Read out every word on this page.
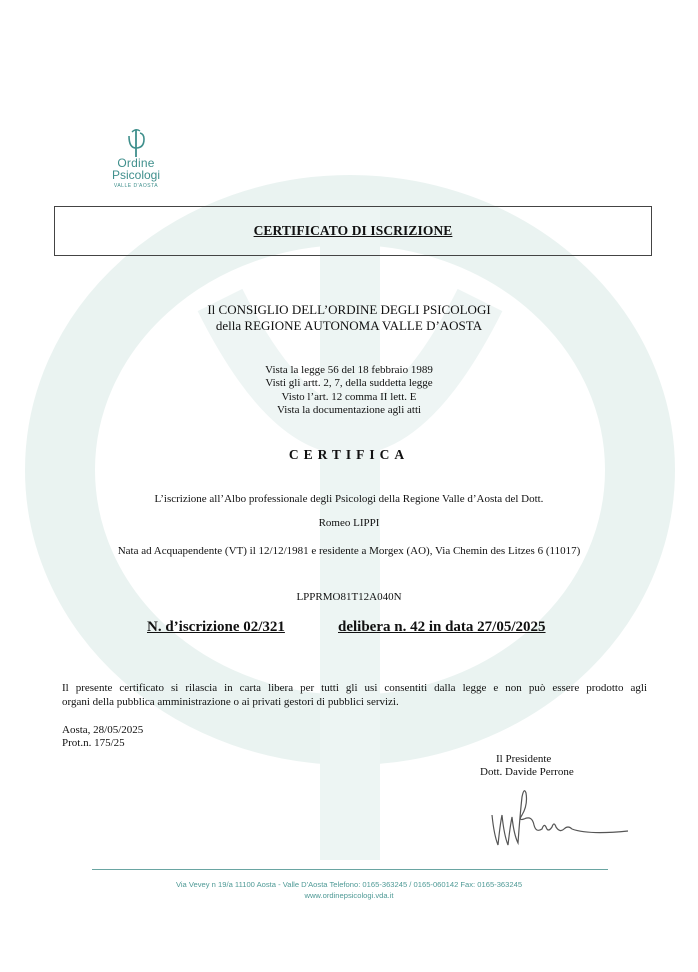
Ordine
Psicologi
VALLE D'AOSTA
CERTIFICATO DI ISCRIZIONE
Il CONSIGLIO DELL’ORDINE DEGLI PSICOLOGI
della REGIONE AUTONOMA VALLE D’AOSTA
Vista la legge 56 del 18 febbraio 1989
Visti gli artt. 2, 7, della suddetta legge
Visto l’art. 12 comma II lett. E
Vista la documentazione agli atti
CERTIFICA
L’iscrizione all’Albo professionale degli Psicologi della Regione Valle d’Aosta del Dott.
Romeo LIPPI
Nata ad Acquapendente (VT) il 12/12/1981 e residente a Morgex (AO), Via Chemin des Litzes 6 (11017)
LPPRMO81T12A040N
N. d’iscrizione 02/321	delibera n. 42 in data 27/05/2025
Il presente certificato si rilascia in carta libera per tutti gli usi consentiti dalla legge e non può essere prodotto agli
organi della pubblica amministrazione o ai privati gestori di pubblici servizi.
Aosta, 28/05/2025
Prot.n. 175/25
Il Presidente
Dott. Davide Perrone
Via Vevey n 19/a 11100 Aosta - Valle D'Aosta Telefono: 0165-363245 / 0165-060142 Fax: 0165-363245
www.ordinepsicologi.vda.it
